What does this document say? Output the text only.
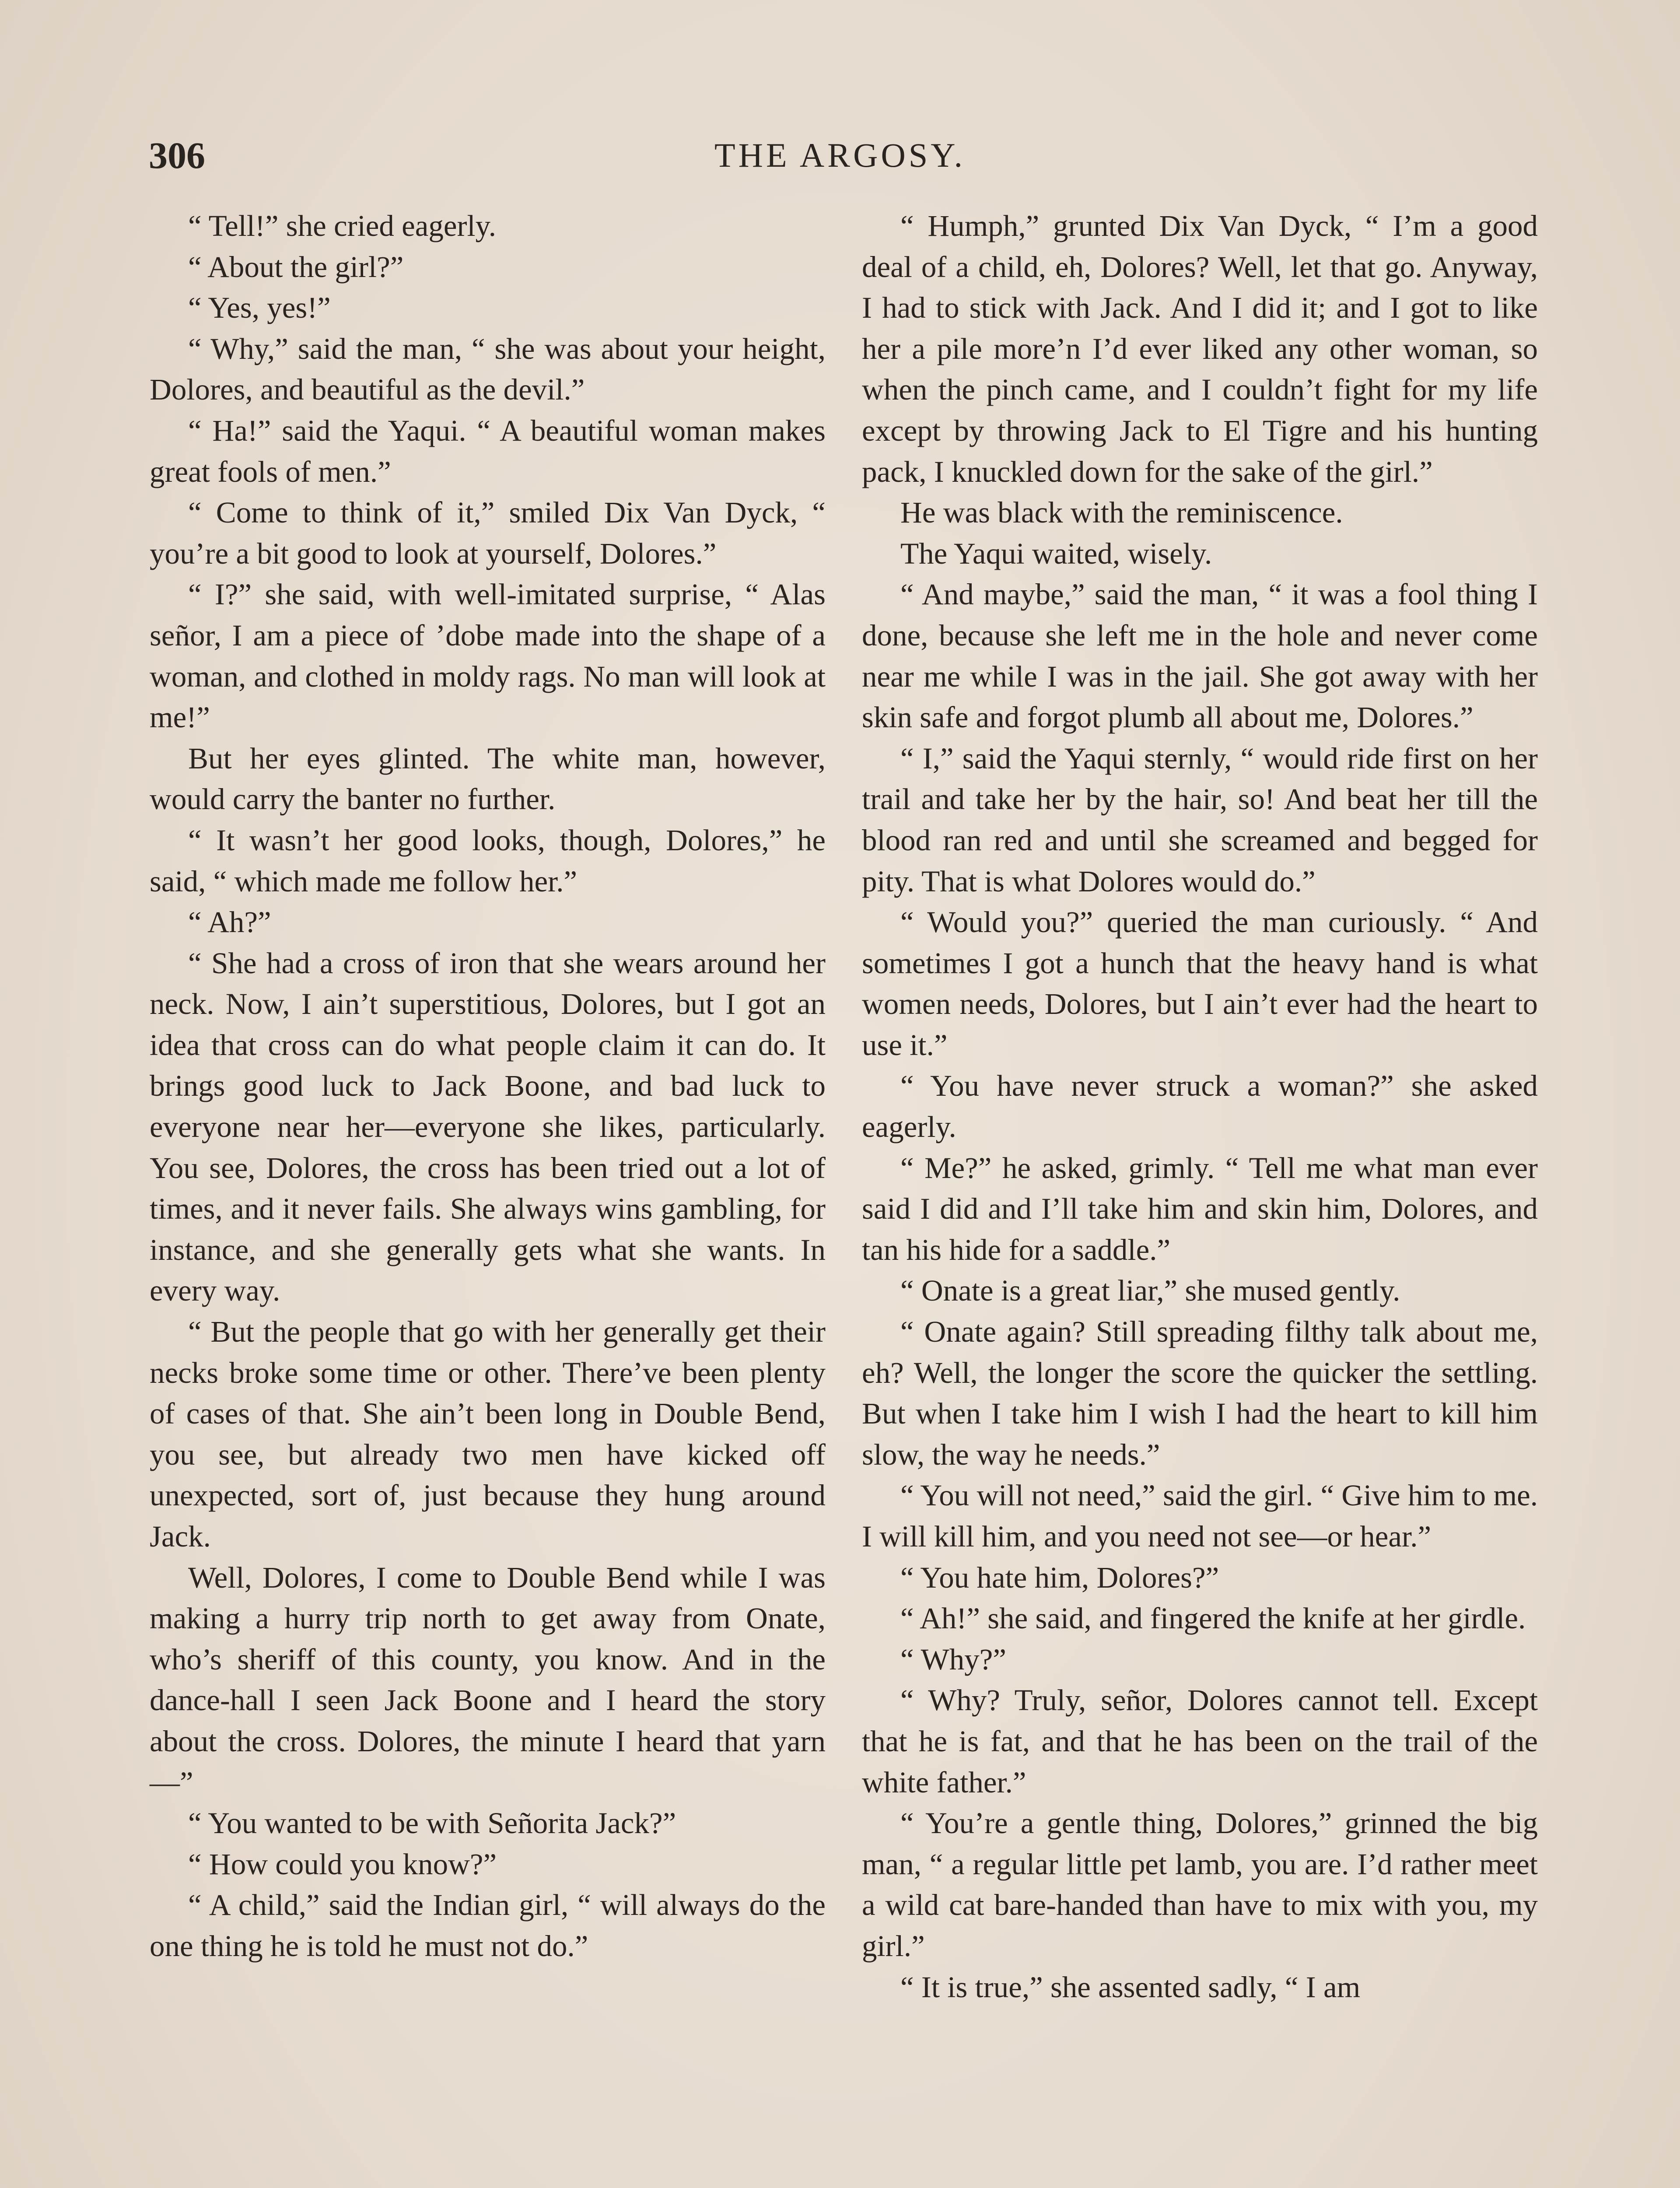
306	THE ARGOSY.

“ Tell!” she cried eagerly.

“ About the girl?”

“ Yes, yes!”

“ Why,” said the man, “ she was about your height, Dolores, and beautiful as the devil.”

“ Ha!” said the Yaqui. “ A beautiful woman makes great fools of men.”

“ Come to think of it,” smiled Dix Van Dyck, “ you’re a bit good to look at yourself, Dolores.”

“ I?” she said, with well-imitated surprise, “ Alas señor, I am a piece of ’dobe made into the shape of a woman, and clothed in moldy rags. No man will look at me!”

But her eyes glinted. The white man, however, would carry the banter no further.

“ It wasn’t her good looks, though, Dolores,” he said, “ which made me follow her.”

“ Ah?”

“ She had a cross of iron that she wears around her neck. Now, I ain’t superstitious, Dolores, but I got an idea that cross can do what people claim it can do. It brings good luck to Jack Boone, and bad luck to everyone near her—everyone she likes, particularly. You see, Dolores, the cross has been tried out a lot of times, and it never fails. She always wins gambling, for instance, and she generally gets what she wants. In every way.

“ But the people that go with her generally get their necks broke some time or other. There’ve been plenty of cases of that. She ain’t been long in Double Bend, you see, but already two men have kicked off unexpected, sort of, just because they hung around Jack.

Well, Dolores, I come to Double Bend while I was making a hurry trip north to get away from Onate, who’s sheriff of this county, you know. And in the dance-hall I seen Jack Boone and I heard the story about the cross. Dolores, the minute I heard that yarn—”

“ You wanted to be with Señorita Jack?”

“ How could you know?”

“ A child,” said the Indian girl, “ will always do the one thing he is told he must not do.”

“ Humph,” grunted Dix Van Dyck, “ I’m a good deal of a child, eh, Dolores? Well, let that go. Anyway, I had to stick with Jack. And I did it; and I got to like her a pile more’n I’d ever liked any other woman, so when the pinch came, and I couldn’t fight for my life except by throwing Jack to El Tigre and his hunting pack, I knuckled down for the sake of the girl.”

He was black with the reminiscence.

The Yaqui waited, wisely.

“ And maybe,” said the man, “ it was a fool thing I done, because she left me in the hole and never come near me while I was in the jail. She got away with her skin safe and forgot plumb all about me, Dolores.”

“ I,” said the Yaqui sternly, “ would ride first on her trail and take her by the hair, so! And beat her till the blood ran red and until she screamed and begged for pity. That is what Dolores would do.”

“ Would you?” queried the man curiously. “ And sometimes I got a hunch that the heavy hand is what women needs, Dolores, but I ain’t ever had the heart to use it.”

“ You have never struck a woman?” she asked eagerly.

“ Me?” he asked, grimly. “ Tell me what man ever said I did and I’ll take him and skin him, Dolores, and tan his hide for a saddle.”

“ Onate is a great liar,” she mused gently.

“ Onate again? Still spreading filthy talk about me, eh? Well, the longer the score the quicker the settling. But when I take him I wish I had the heart to kill him slow, the way he needs.”

“ You will not need,” said the girl. “ Give him to me. I will kill him, and you need not see—or hear.”

“ You hate him, Dolores?”

“ Ah!” she said, and fingered the knife at her girdle.

“ Why?”

“ Why? Truly, señor, Dolores cannot tell. Except that he is fat, and that he has been on the trail of the white father.”

“ You’re a gentle thing, Dolores,” grinned the big man, “ a regular little pet lamb, you are. I’d rather meet a wild cat bare-handed than have to mix with you, my girl.”

“ It is true,” she assented sadly, “ I am
